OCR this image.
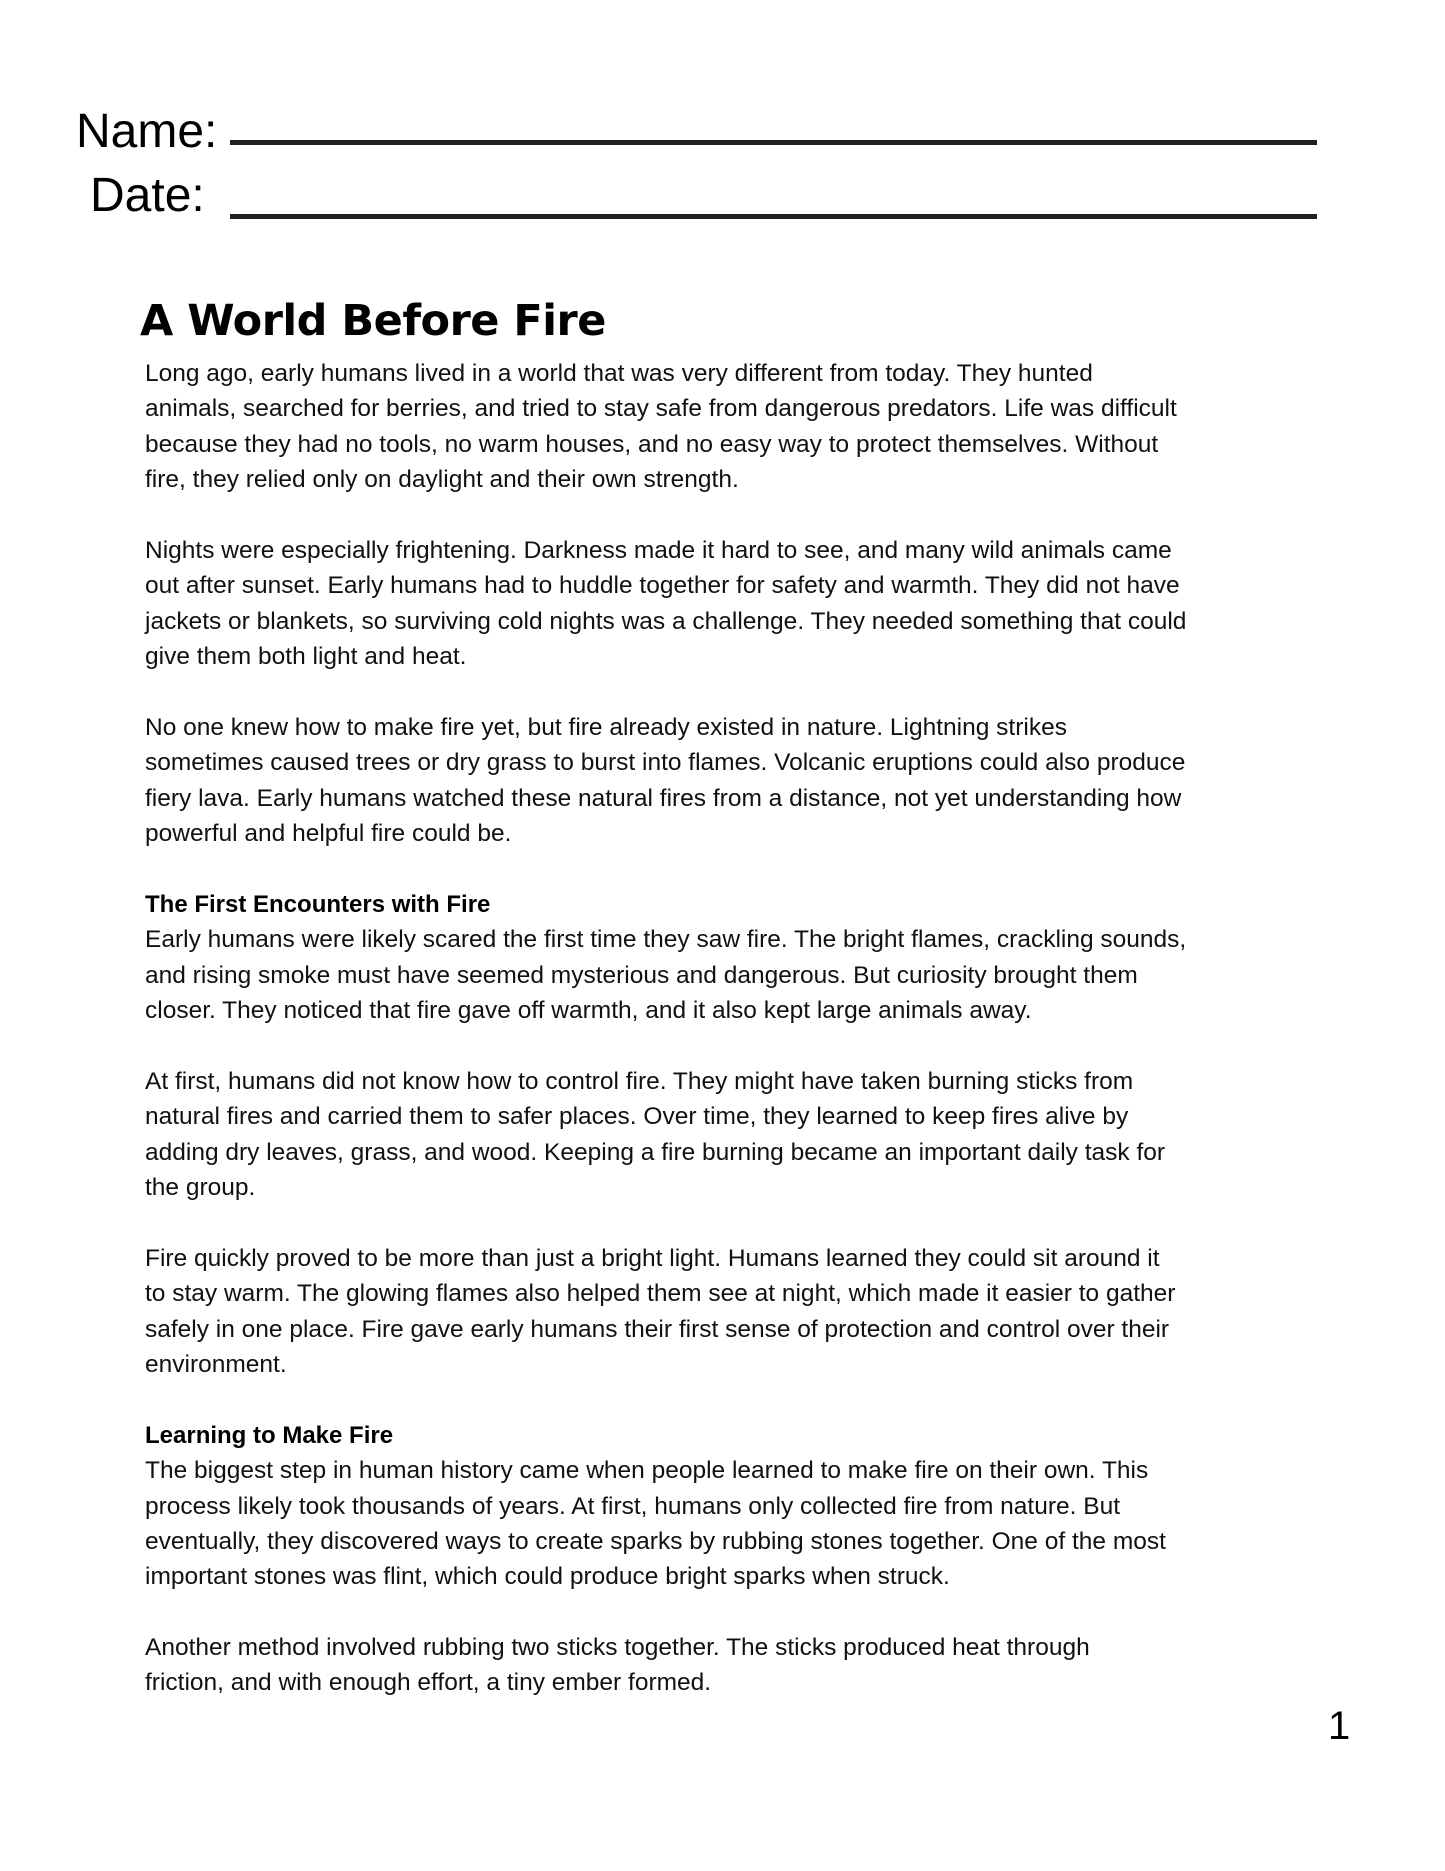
Name:
Date:
A World Before Fire
Long ago, early humans lived in a world that was very different from today. They hunted
animals, searched for berries, and tried to stay safe from dangerous predators. Life was difficult
because they had no tools, no warm houses, and no easy way to protect themselves. Without
fire, they relied only on daylight and their own strength.
Nights were especially frightening. Darkness made it hard to see, and many wild animals came
out after sunset. Early humans had to huddle together for safety and warmth. They did not have
jackets or blankets, so surviving cold nights was a challenge. They needed something that could
give them both light and heat.
No one knew how to make fire yet, but fire already existed in nature. Lightning strikes
sometimes caused trees or dry grass to burst into flames. Volcanic eruptions could also produce
fiery lava. Early humans watched these natural fires from a distance, not yet understanding how
powerful and helpful fire could be.
The First Encounters with Fire
Early humans were likely scared the first time they saw fire. The bright flames, crackling sounds,
and rising smoke must have seemed mysterious and dangerous. But curiosity brought them
closer. They noticed that fire gave off warmth, and it also kept large animals away.
At first, humans did not know how to control fire. They might have taken burning sticks from
natural fires and carried them to safer places. Over time, they learned to keep fires alive by
adding dry leaves, grass, and wood. Keeping a fire burning became an important daily task for
the group.
Fire quickly proved to be more than just a bright light. Humans learned they could sit around it
to stay warm. The glowing flames also helped them see at night, which made it easier to gather
safely in one place. Fire gave early humans their first sense of protection and control over their
environment.
Learning to Make Fire
The biggest step in human history came when people learned to make fire on their own. This
process likely took thousands of years. At first, humans only collected fire from nature. But
eventually, they discovered ways to create sparks by rubbing stones together. One of the most
important stones was flint, which could produce bright sparks when struck.
Another method involved rubbing two sticks together. The sticks produced heat through
friction, and with enough effort, a tiny ember formed.
1
